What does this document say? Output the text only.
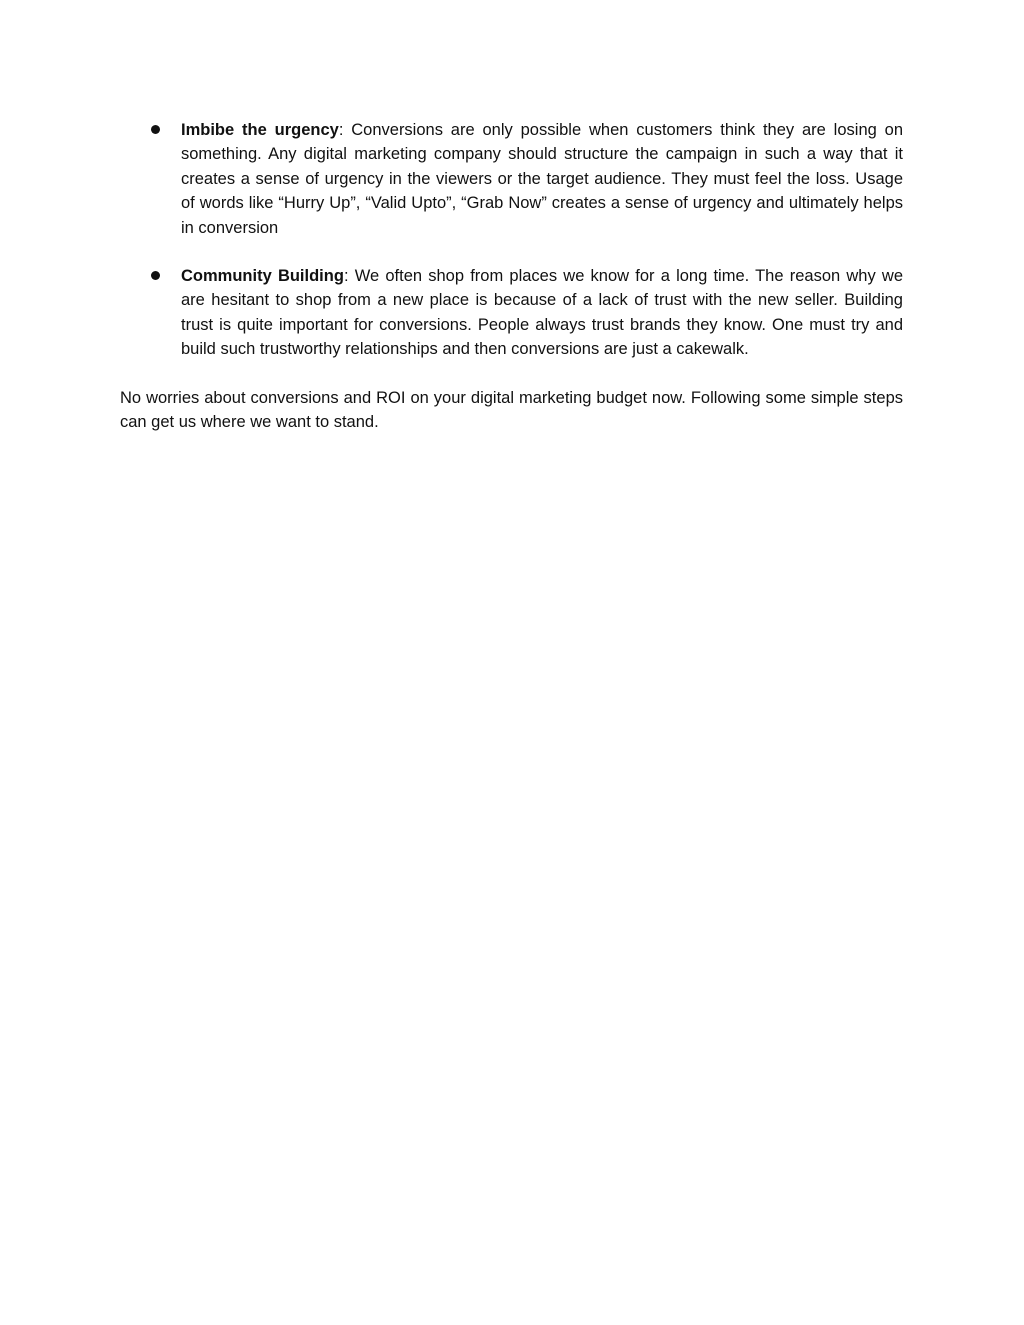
Imbibe the urgency: Conversions are only possible when customers think they are losing on something. Any digital marketing company should structure the campaign in such a way that it creates a sense of urgency in the viewers or the target audience. They must feel the loss. Usage of words like “Hurry Up”, “Valid Upto”, “Grab Now” creates a sense of urgency and ultimately helps in conversion

Community Building: We often shop from places we know for a long time. The reason why we are hesitant to shop from a new place is because of a lack of trust with the new seller. Building trust is quite important for conversions. People always trust brands they know. One must try and build such trustworthy relationships and then conversions are just a cakewalk.

No worries about conversions and ROI on your digital marketing budget now. Following some simple steps can get us where we want to stand.
